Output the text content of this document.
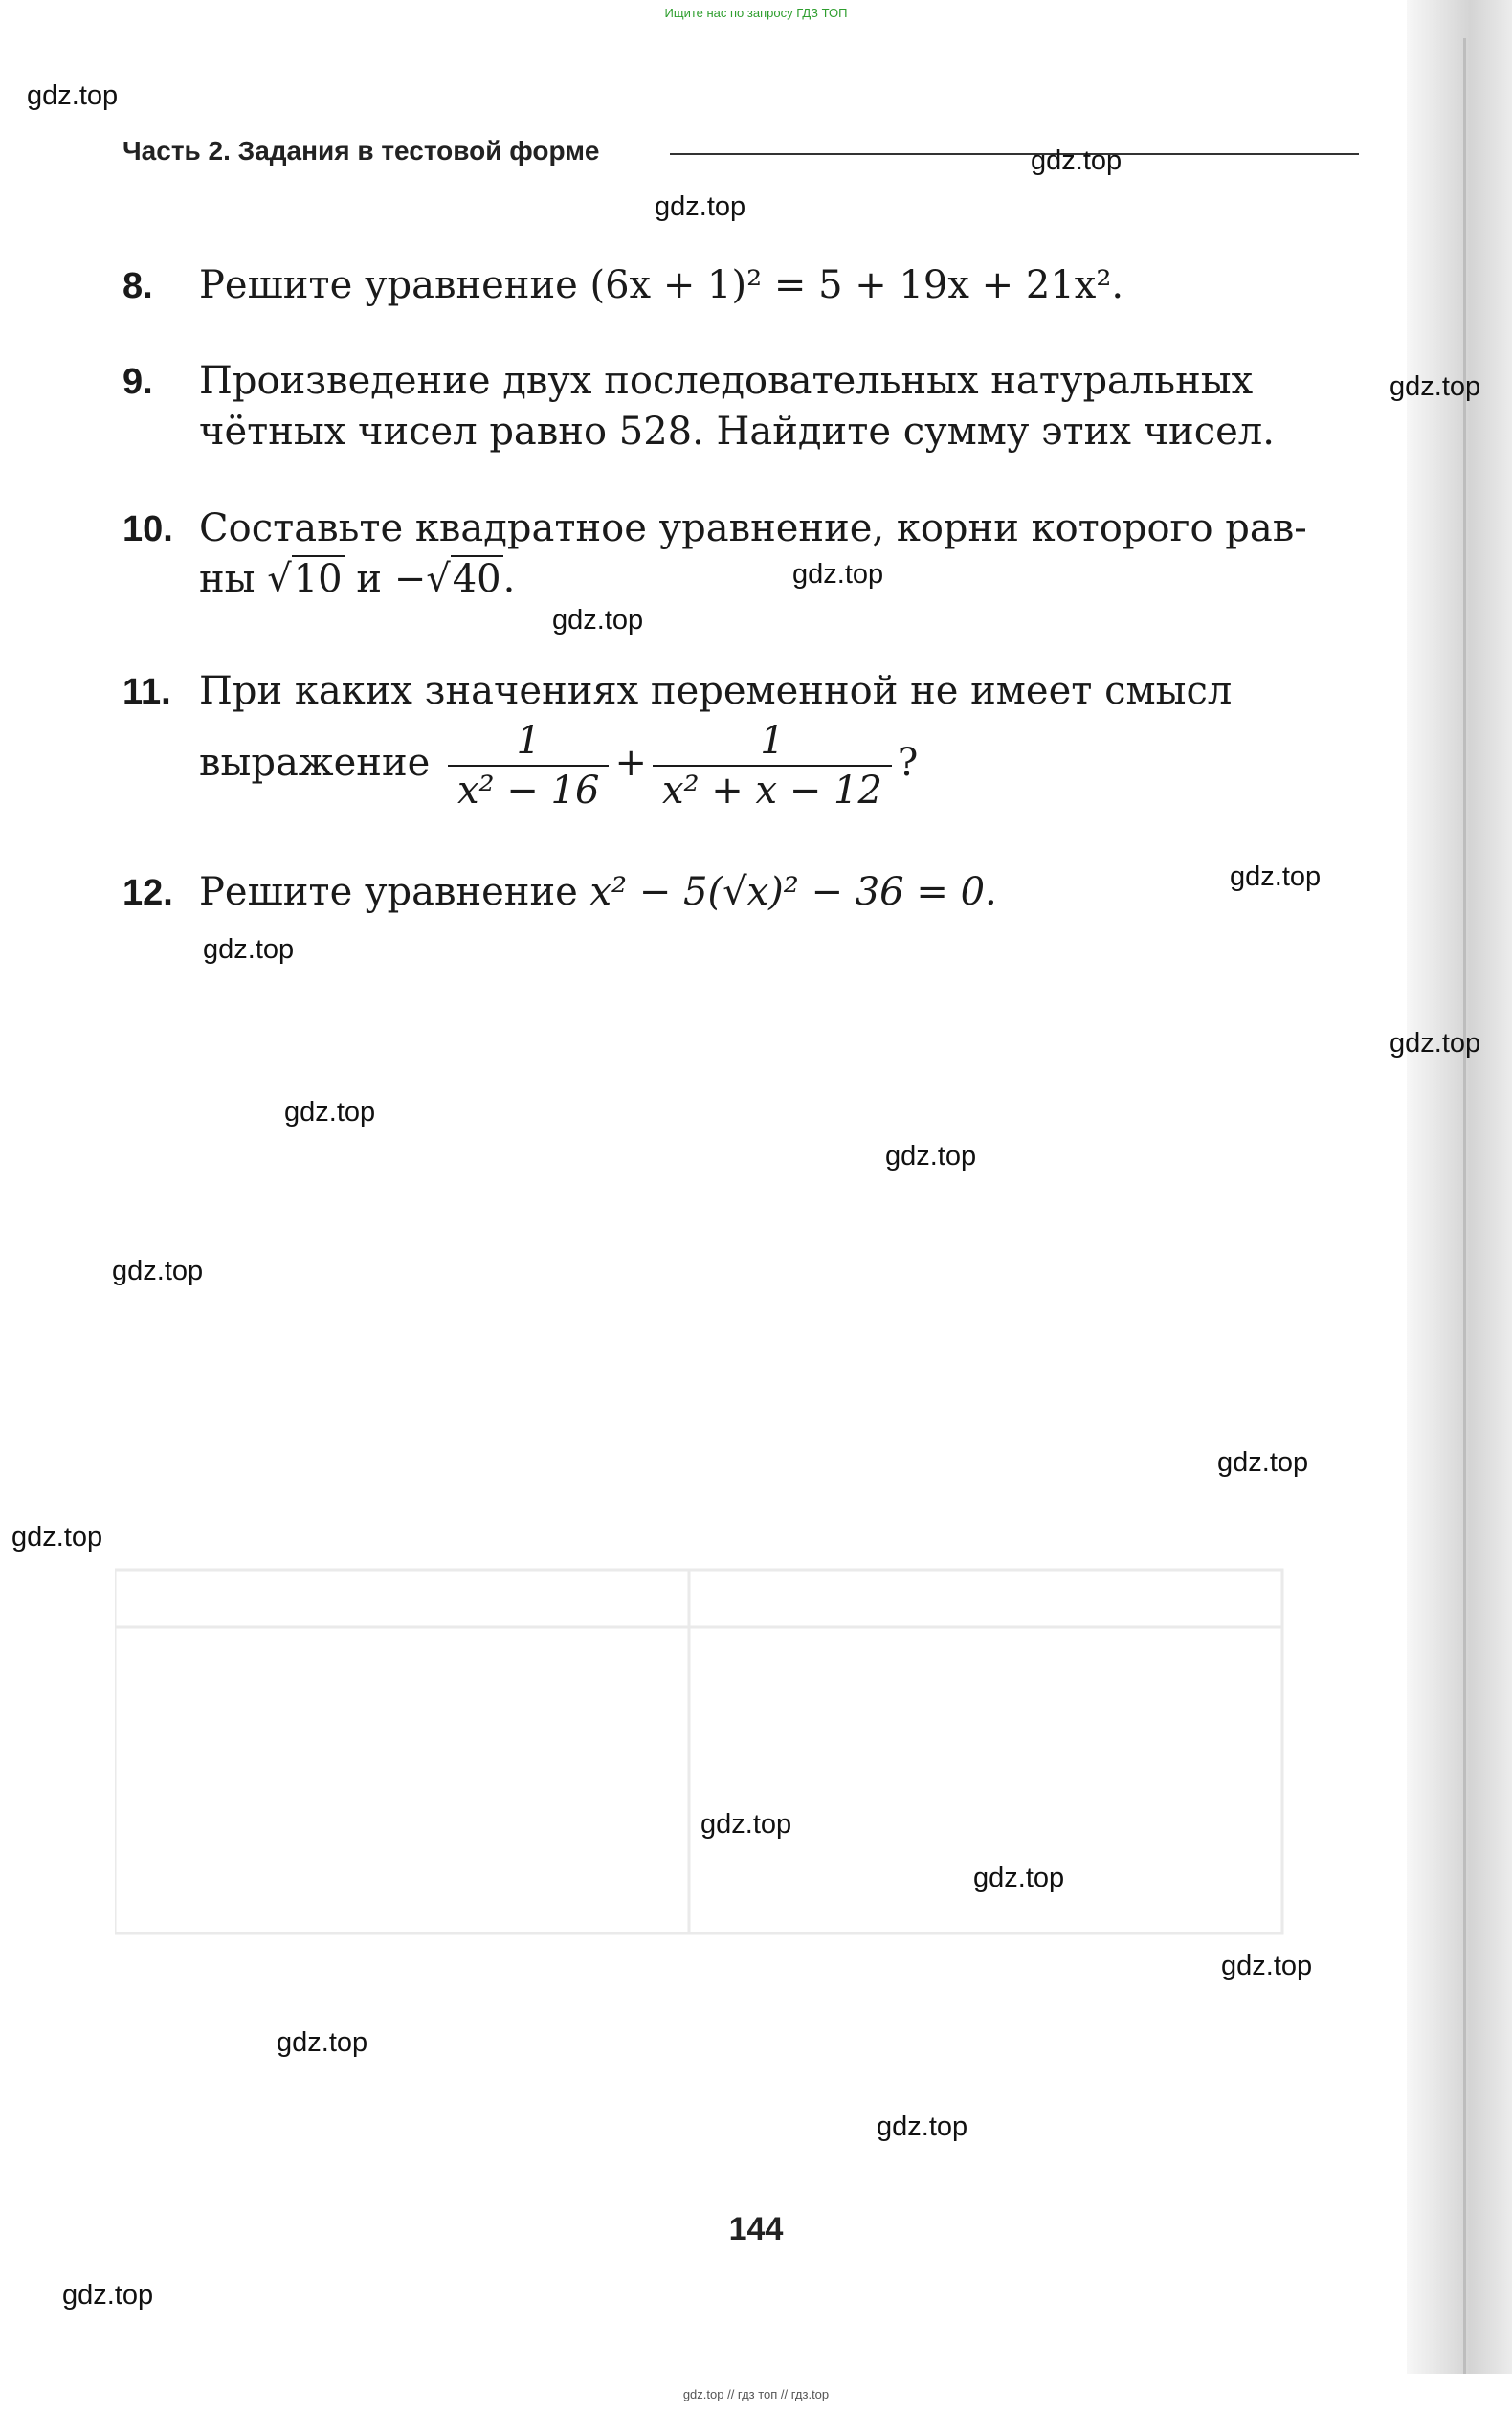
Ищите нас по запросу ГДЗ ТОП
Часть 2. Задания в тестовой форме
8. Решите уравнение (6x + 1)² = 5 + 19x + 21x².
9. Произведение двух последовательных натуральных
чётных чисел равно 528. Найдите сумму этих чисел.
10. Составьте квадратное уравнение, корни которого рав-
ны √10 и −√40.
11. При каких значениях переменной не имеет смысл
выражение $\frac{1}{\text{x² − 16}} + \frac{1}{\text{x² + x − 12}}$ ?
12. Решите уравнение x² − 5(√x)² − 36 = 0.
144
gdz.top
gdz.top
gdz.top
gdz.top
gdz.top
gdz.top
gdz.top
gdz.top
gdz.top
gdz.top
gdz.top
gdz.top
gdz.top
gdz.top
gdz.top
gdz.top
gdz.top
gdz.top
gdz.top
gdz.top
gdz.top // гдз топ // гдз.top
